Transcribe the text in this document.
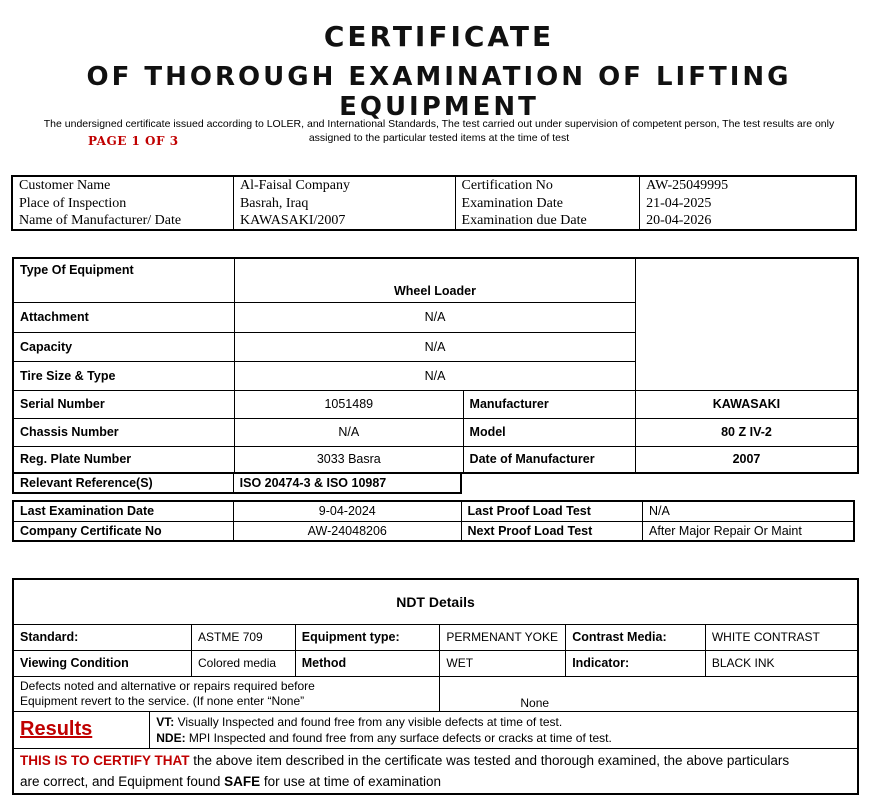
CERTIFICATE
OF THOROUGH EXAMINATION OF LIFTING EQUIPMENT
The undersigned certificate issued according to LOLER, and International Standards, The test carried out under supervision of competent person, The test results are only
assigned to the particular tested items at the time of test
PAGE 1 OF 3
Customer Name	Al-Faisal Company	Certification No	AW-25049995
Place of Inspection	Basrah, Iraq	Examination Date	21-04-2025
Name of Manufacturer/ Date	KAWASAKI/2007	Examination due Date	20-04-2026
Type Of Equipment	Wheel Loader		
Attachment	N/A		
Capacity	N/A		
Tire Size & Type	N/A		
Serial Number	1051489	Manufacturer	KAWASAKI
Chassis Number	N/A	Model	80 Z IV-2
Reg. Plate Number	3033 Basra	Date of Manufacturer	2007
Relevant Reference(S)	ISO 20474-3 & ISO 10987
Last Examination Date	9-04-2024	Last Proof Load Test	N/A
Company Certificate No	AW-24048206	Next Proof Load Test	After Major Repair Or Maint
NDT Details						
Standard:		ASTME 709	Equipment type:	PERMENANT YOKE	Contrast Media:	WHITE CONTRAST
Viewing Condition		Colored media	Method	WET	Indicator:	BLACK INK

Defects noted and alternative or repairs required before
Equipment revert to the service. (If none enter “None”				None		
Results	VT: Visually Inspected and found free from any visible defects at time of test.
NDE: MPI Inspected and found free from any surface defects or cracks at time of test.					

THIS IS TO CERTIFY THAT the above item described in the certificate was tested and thorough examined, the above particulars
are correct, and Equipment found SAFE for use at time of examination						
